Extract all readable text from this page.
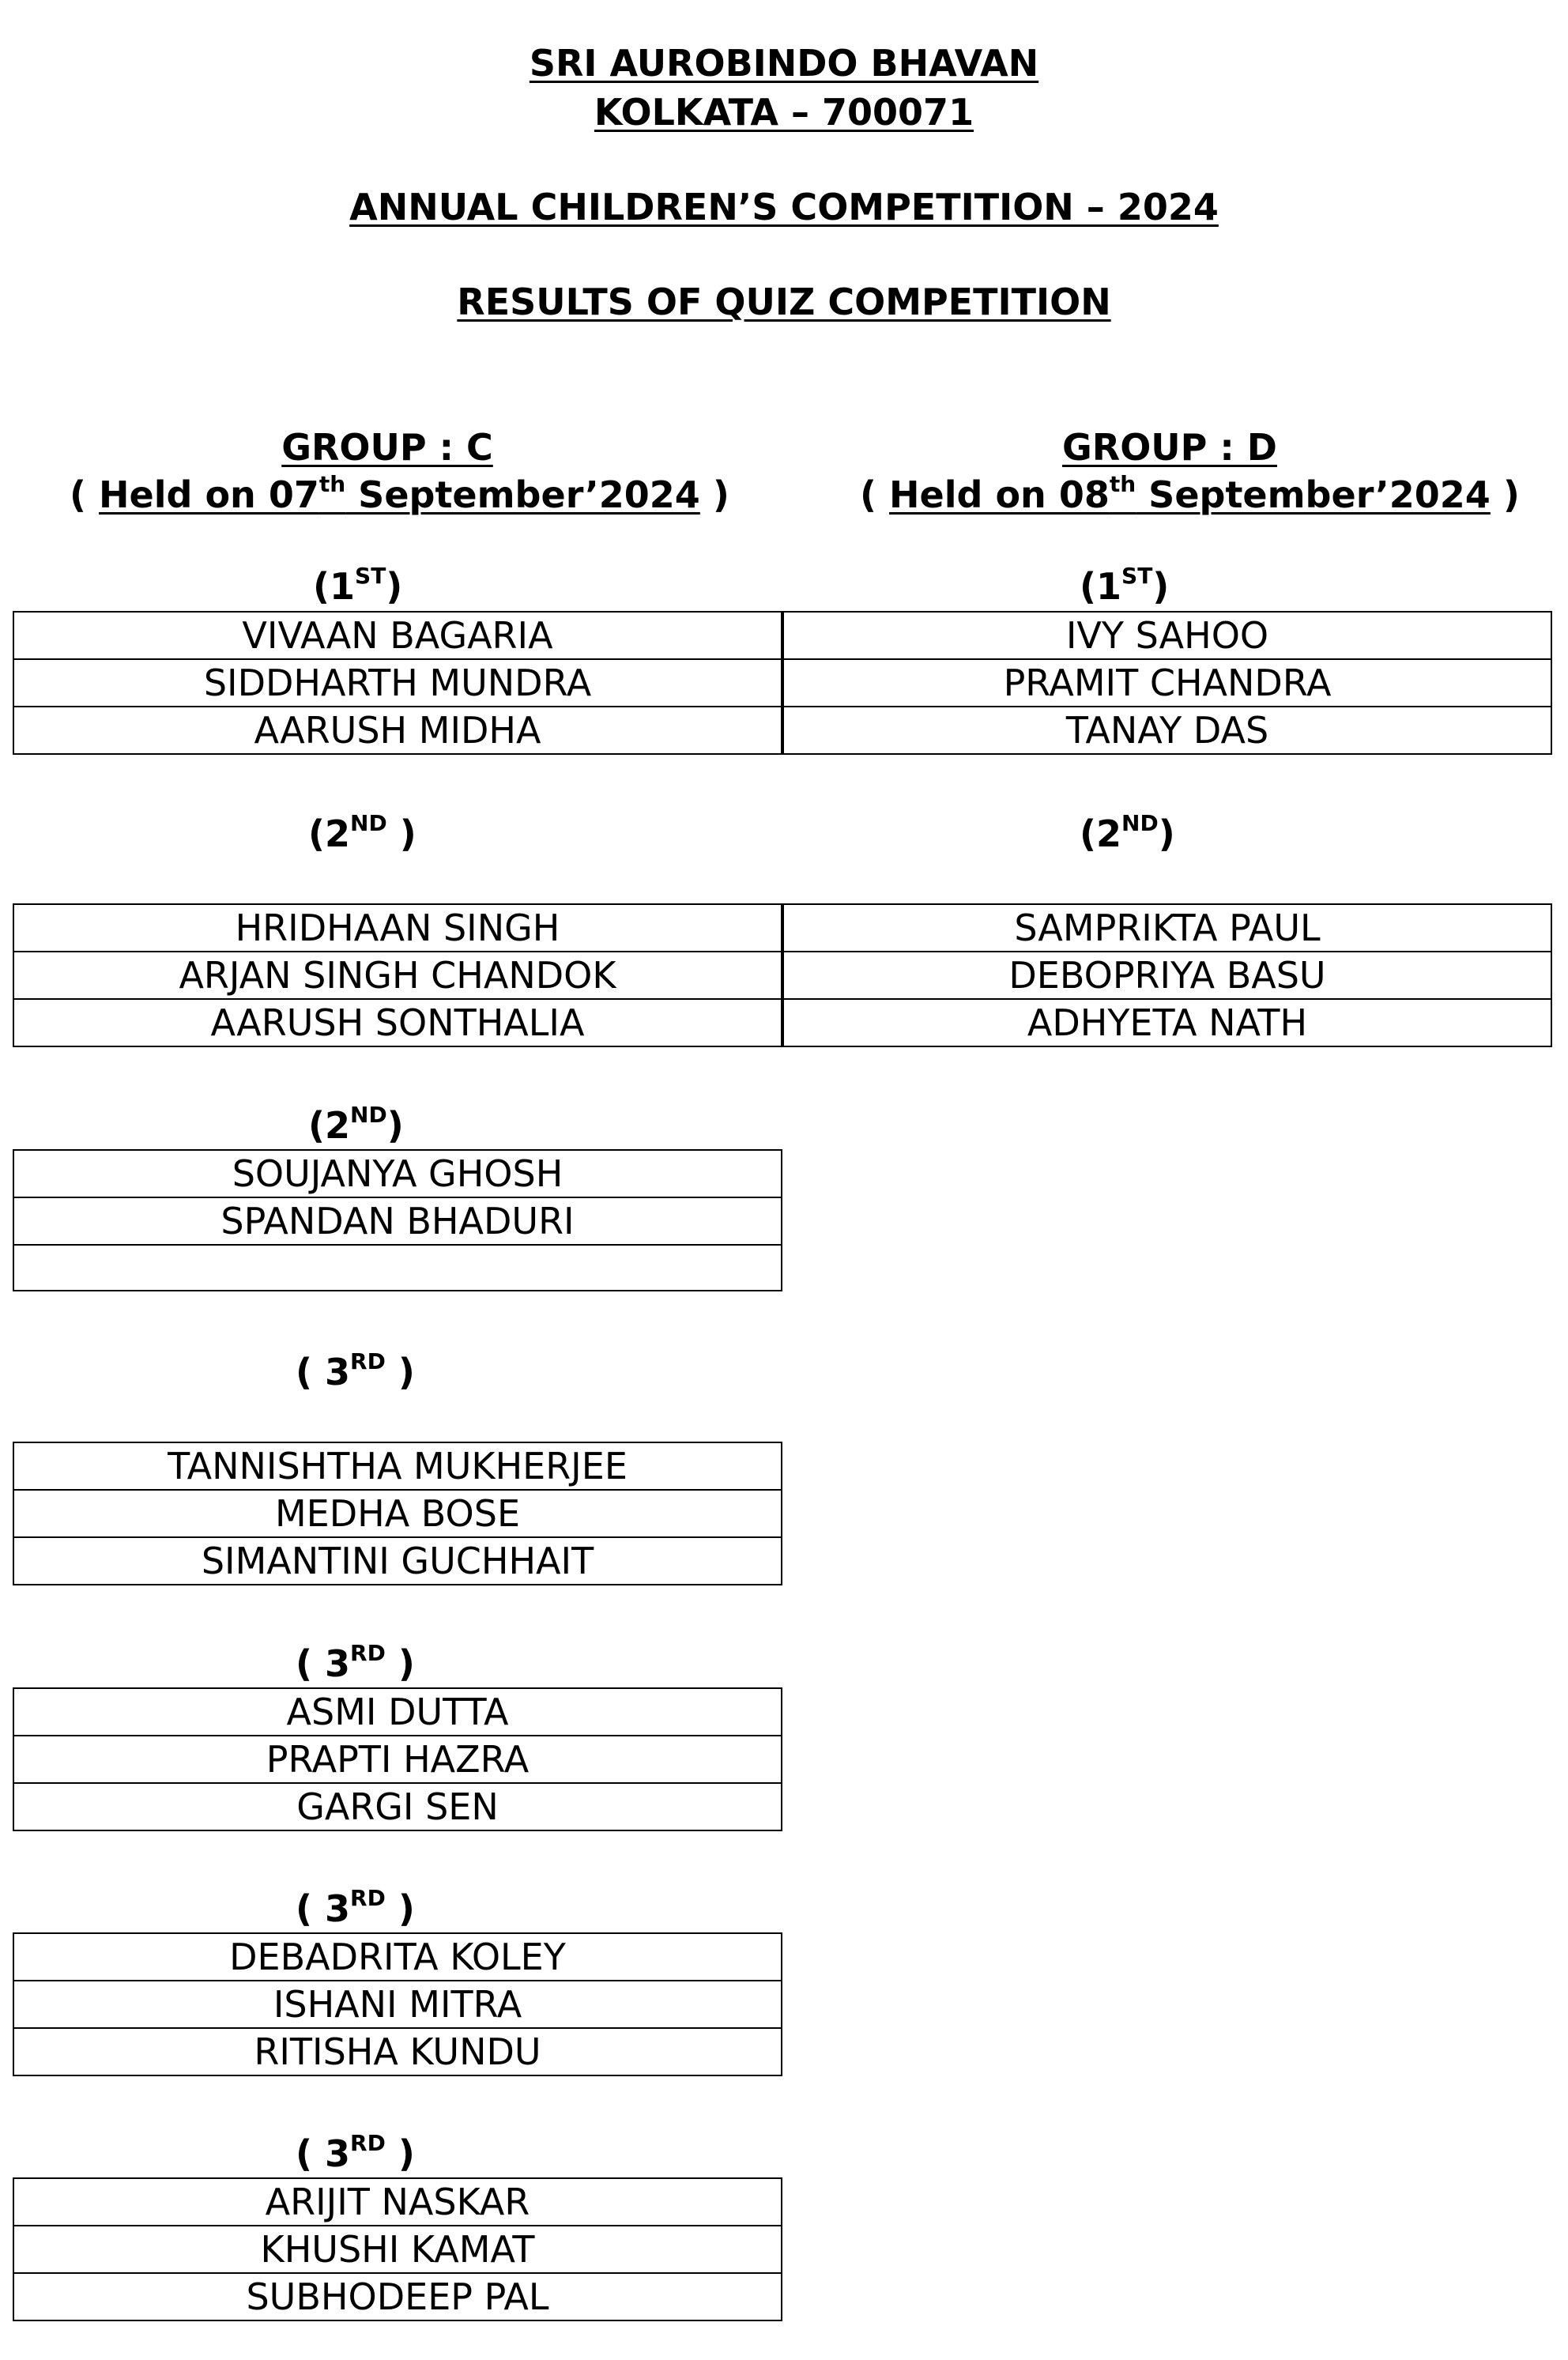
SRI AUROBINDO BHAVAN
KOLKATA – 700071
ANNUAL CHILDREN’S COMPETITION – 2024
RESULTS OF QUIZ COMPETITION
GROUP : C
( Held on 07th September’2024 )
GROUP : D
( Held on 08th September’2024 )
(1ST)
VIVAAN BAGARIA
SIDDHARTH MUNDRA
AARUSH MIDHA
(1ST)
IVY SAHOO
PRAMIT CHANDRA
TANAY DAS
(2ND )
HRIDHAAN SINGH
ARJAN SINGH CHANDOK
AARUSH SONTHALIA
(2ND)
SAMPRIKTA PAUL
DEBOPRIYA BASU
ADHYETA NATH
(2ND)
SOUJANYA GHOSH
SPANDAN BHADURI

( 3RD )
TANNISHTHA MUKHERJEE
MEDHA BOSE
SIMANTINI GUCHHAIT
( 3RD )
ASMI DUTTA
PRAPTI HAZRA
GARGI SEN
( 3RD )
DEBADRITA KOLEY
ISHANI MITRA
RITISHA KUNDU
( 3RD )
ARIJIT NASKAR
KHUSHI KAMAT
SUBHODEEP PAL
